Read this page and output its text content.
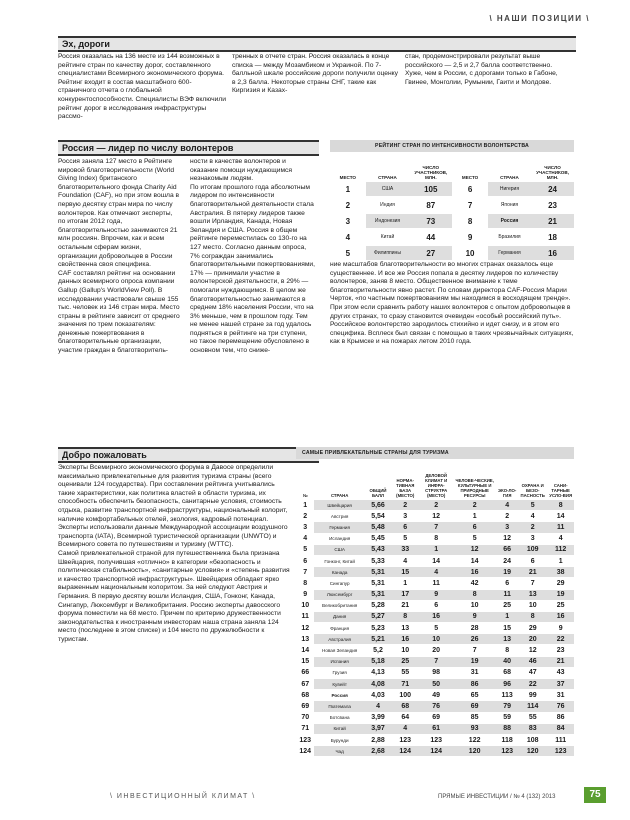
\ НАШИ ПОЗИЦИИ \
Эх, дороги

Россия оказалась на 136 месте из 144 возможных в рейтинге стран по качеству дорог, составленного специалистами Всемирного экономического форума. Рейтинг входит в состав масштабного 600-страничного отчета о глобальной конкурентоспособности. Специалисты ВЭФ включили рейтинг дорог в исследования инфраструктуры рассмо-

тренных в отчете стран. Россия оказалась в конце списка — между Мозамбиком и Украиной. По 7-балльной шкале российские дороги получили оценку в 2,3 балла. Некоторые страны СНГ, такие как Киргизия и Казах-

стан, продемонстрировали результат выше российского — 2,5 и 2,7 балла соответственно.

Хуже, чем в России, с дорогами только в Габоне, Гвинее, Монголии, Румынии, Гаити и Молдове.

Россия — лидер по числу волонтеров

Россия заняла 127 место в Рейтинге мировой благотворительности (World Giving Index) британского благотворительного фонда Charity Aid Foundation (CAF), но при этом вошла в первую десятку стран мира по числу волонтеров. Как отмечают эксперты, по итогам 2012 года, благотворительностью занимаются 21 млн россиян. Впрочем, как и всем остальным сферам жизни, организации добровольцев в России свойственна своя специфика.

CAF составлял рейтинг на основании данных всемирного опроса компании Gallup (Gallup's WorldView Poll). В исследовании участвовали свыше 155 тыс. человек из 146 стран мира. Место страны в рейтинге зависит от среднего значения по трем показателям: денежные пожертвования в благотворительные организации, участие граждан в благотворитель-

ности в качестве волонтеров и оказание помощи нуждающимся незнакомым людям.

По итогам прошлого года абсолютным лидером по интенсивности благотворительной деятельности стала Австралия. В пятерку лидеров также вошли Ирландия, Канада, Новая Зеландия и США. Россия в общем рейтинге переместилась со 130-го на 127 место. Согласно данным опроса, 7% сограждан занимались благотворительными пожертвованиями, 17% — принимали участие в волонтерской деятельности, в 29% — помогали нуждающимся. В целом же благотворительностью занимаются в среднем 18% населения России, что на 3% меньше, чем в прошлом году. Тем не менее нашей стране за год удалось подняться в рейтинге на три ступени, но такое перемещение обусловлено в основном тем, что сниже-

РЕЙТИНГ СТРАН ПО ИНТЕНСИВНОСТИ ВОЛОНТЕРСТВА
МЕСТО	СТРАНА	ЧИСЛО УЧАСТНИКОВ, МЛН.	МЕСТО	СТРАНА	ЧИСЛО УЧАСТНИКОВ, МЛН.
1	США	105	6	Нигерия	24
2	Индия	87	7	Япония	23
3	Индонезия	73	8	Россия	21
4	Китай	44	9	Бразилия	18
5	Филиппины	27	10	Германия	16

ние масштабов благотворительности во многих странах оказалось еще существеннее. И все же Россия попала в десятку лидеров по количеству волонтеров, заняв 8 место. Общественное внимание к теме благотворительности явно растет. По словам директора CAF-Россия Марии Черток, «по частным пожертвованиям мы находимся в восходящем тренде».

При этом если сравнить работу наших волонтеров с опытом добровольцев в других странах, то сразу становится очевиден «особый российский путь». Российское волонтерство зародилось стихийно и идет снизу, и в этом его специфика. Всплеск был связан с помощью в таких чрезвычайных ситуациях, как в Крымске и на пожарах летом 2010 года.

Добро пожаловать

Эксперты Всемирного экономического форума в Давосе определили максимально привлекательные для развития туризма страны (всего оценивали 124 государства). При составлении рейтинга учитывались такие характеристики, как политика властей в области туризма, их способность обеспечить безопасность, санитарные условия, стоимость отдыха, развитие транспортной инфраструктуры, национальный колорит, наличие комфортабельных отелей, экология, кадровый потенциал. Эксперты использовали данные Международной ассоциации воздушного транспорта (IATA), Всемирной туристической организации (UNWTO) и Всемирного совета по путешествиям и туризму (WTTC).

Самой привлекательной страной для путешественника была признана Швейцария, получившая «отлично» в категории «безопасность и политическая стабильность», «санитарные условия» и «степень развития и качество транспортной инфраструктуры». Швейцария обладает ярко выраженным национальным колоритом. За ней следуют Австрия и Германия. В первую десятку вошли Исландия, США, Гонконг, Канада, Сингапур, Люксембург и Великобритания. Россию эксперты давосского форума поместили на 68 место. Причем по критерию дружественности законодательства к иностранным инвесторам наша страна заняла 124 место (последнее в этом списке) и 104 место по дружелюбности к туристам.

САМЫЕ ПРИВЛЕКАТЕЛЬНЫЕ СТРАНЫ ДЛЯ ТУРИЗМА
№	СТРАНА	ОБЩИЙ БАЛЛ	НОРМА-ТИВНАЯ БАЗА (МЕСТО)	ДЕЛОВОЙ КЛИМАТ И ИНФРА-СТРУКТРА (МЕСТО)	ЧЕЛОВЕ-ЧЕСКИЕ, КУЛЬТУРНЫЕ И ПРИРОДНЫЕ РЕСУРСЫ	ЭКО-ЛО-ГИЯ	ОХРАНА И БЕЗО-ПАСНОСТЬ	САНИ-ТАРНЫЕ УСЛО-ВИЯ
1	Швейцария	5,66	2	2	2	4	5	8
2	Австрия	5,54	3	12	1	2	4	14
3	Германия	5,48	6	7	6	3	2	11
4	Исландия	5,45	5	8	5	12	3	4
5	США	5,43	33	1	12	66	109	112
6	Гонконг, Китай	5,33	4	14	14	24	6	1
7	Канада	5,31	15	4	16	19	21	38
8	Сингапур	5,31	1	11	42	6	7	29
9	Люксембург	5,31	17	9	8	11	13	19
10	Великобритания	5,28	21	6	10	25	10	25
11	Дания	5,27	8	16	9	1	8	16
12	Франция	5,23	13	5	28	15	29	9
13	Австралия	5,21	16	10	26	13	20	22
14	Новая Зеландия	5,2	10	20	7	8	12	23
15	Испания	5,18	25	7	19	40	46	21
66	Грузия	4,13	55	98	31	68	47	43
67	Кувейт	4,08	71	50	86	96	22	37
68	Россия	4,03	100	49	65	113	99	31
69	Гватемала	4	68	76	69	79	114	76
70	Ботсвана	3,99	64	69	85	59	55	86
71	Китай	3,97	4	61	93	88	83	84
123	Бурунди	2,88	123	123	122	118	108	111
124	Чад	2,68	124	124	120	123	120	123
\ ИНВЕСТИЦИОННЫЙ КЛИМАТ \	ПРЯМЫЕ ИНВЕСТИЦИИ / № 4 (132) 2013	75
